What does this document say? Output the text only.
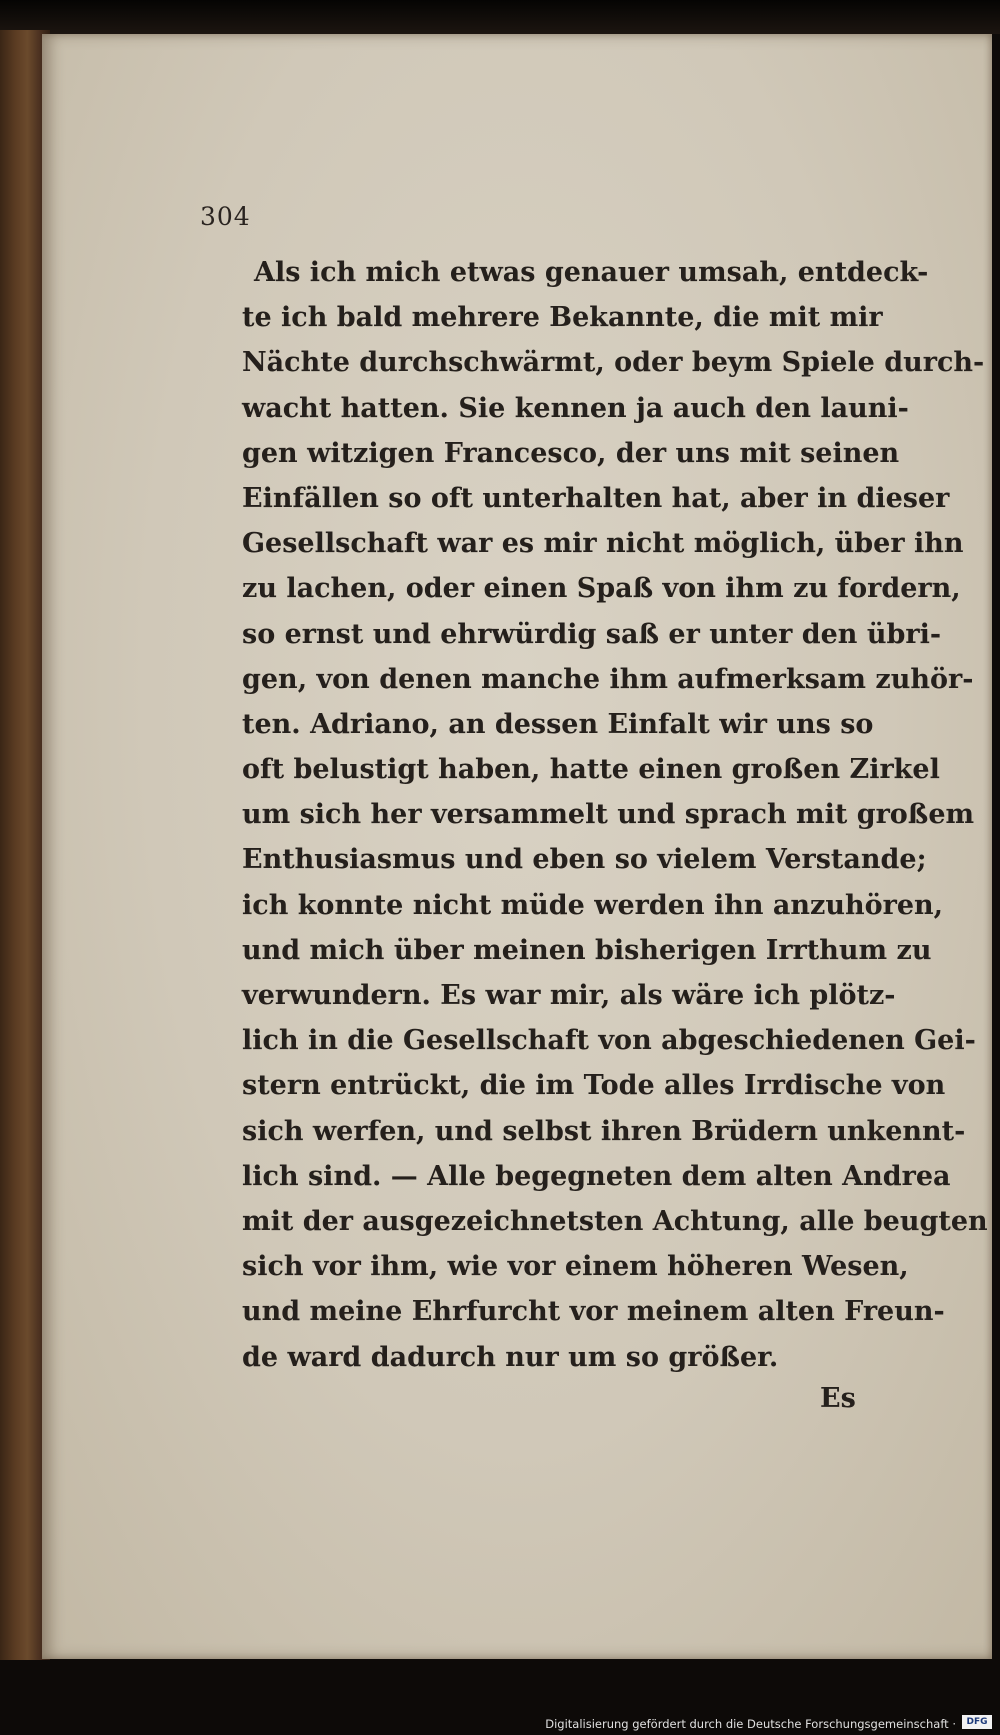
304
Als ich mich etwas genauer umsah, entdeck-
te ich bald mehrere Bekannte, die mit mir
Nächte durchschwärmt, oder beym Spiele durch-
wacht hatten. Sie kennen ja auch den launi-
gen witzigen Francesco, der uns mit seinen
Einfällen so oft unterhalten hat, aber in dieser
Gesellschaft war es mir nicht möglich, über ihn
zu lachen, oder einen Spaß von ihm zu fordern,
so ernst und ehrwürdig saß er unter den übri-
gen, von denen manche ihm aufmerksam zuhör-
ten. Adriano, an dessen Einfalt wir uns so
oft belustigt haben, hatte einen großen Zirkel
um sich her versammelt und sprach mit großem
Enthusiasmus und eben so vielem Verstande;
ich konnte nicht müde werden ihn anzuhören,
und mich über meinen bisherigen Irrthum zu
verwundern. Es war mir, als wäre ich plötz-
lich in die Gesellschaft von abgeschiedenen Gei-
stern entrückt, die im Tode alles Irrdische von
sich werfen, und selbst ihren Brüdern unkennt-
lich sind. — Alle begegneten dem alten Andrea
mit der ausgezeichnetsten Achtung, alle beugten
sich vor ihm, wie vor einem höheren Wesen,
und meine Ehrfurcht vor meinem alten Freun-
de ward dadurch nur um so größer.
Es
Digitalisierung gefördert durch die Deutsche Forschungsgemeinschaft ·	DFG
